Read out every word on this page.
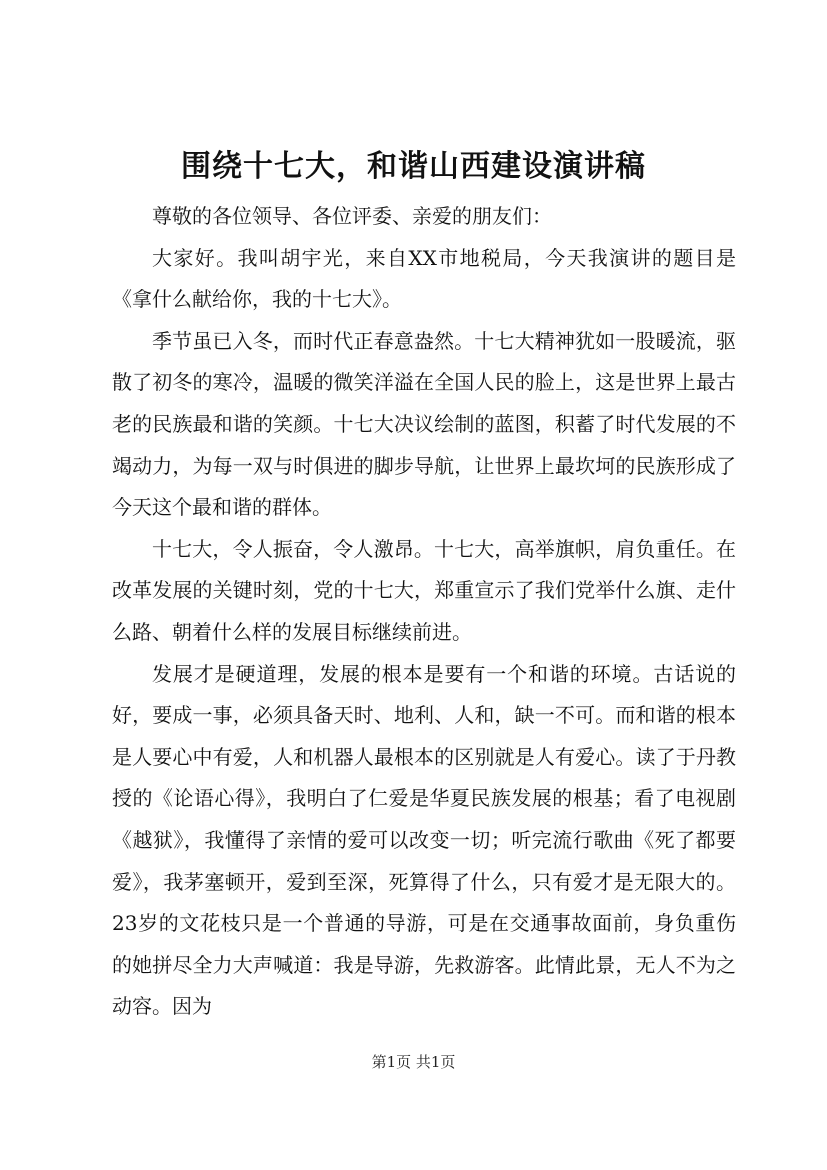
围绕十七大，和谐山西建设演讲稿

尊敬的各位领导、各位评委、亲爱的朋友们：

大家好。我叫胡宇光，来自XX市地税局，今天我演讲的题目是《拿什么献给你，我的十七大》。

季节虽已入冬，而时代正春意盎然。十七大精神犹如一股暖流，驱散了初冬的寒冷，温暖的微笑洋溢在全国人民的脸上，这是世界上最古老的民族最和谐的笑颜。十七大决议绘制的蓝图，积蓄了时代发展的不竭动力，为每一双与时俱进的脚步导航，让世界上最坎坷的民族形成了今天这个最和谐的群体。

十七大，令人振奋，令人激昂。十七大，高举旗帜，肩负重任。在改革发展的关键时刻，党的十七大，郑重宣示了我们党举什么旗、走什么路、朝着什么样的发展目标继续前进。

发展才是硬道理，发展的根本是要有一个和谐的环境。古话说的好，要成一事，必须具备天时、地利、人和，缺一不可。而和谐的根本是人要心中有爱，人和机器人最根本的区别就是人有爱心。读了于丹教授的《论语心得》，我明白了仁爱是华夏民族发展的根基；看了电视剧《越狱》，我懂得了亲情的爱可以改变一切；听完流行歌曲《死了都要爱》，我茅塞顿开，爱到至深，死算得了什么，只有爱才是无限大的。23岁的文花枝只是一个普通的导游，可是在交通事故面前，身负重伤的她拼尽全力大声喊道：我是导游，先救游客。此情此景，无人不为之动容。因为

第1页 共1页
